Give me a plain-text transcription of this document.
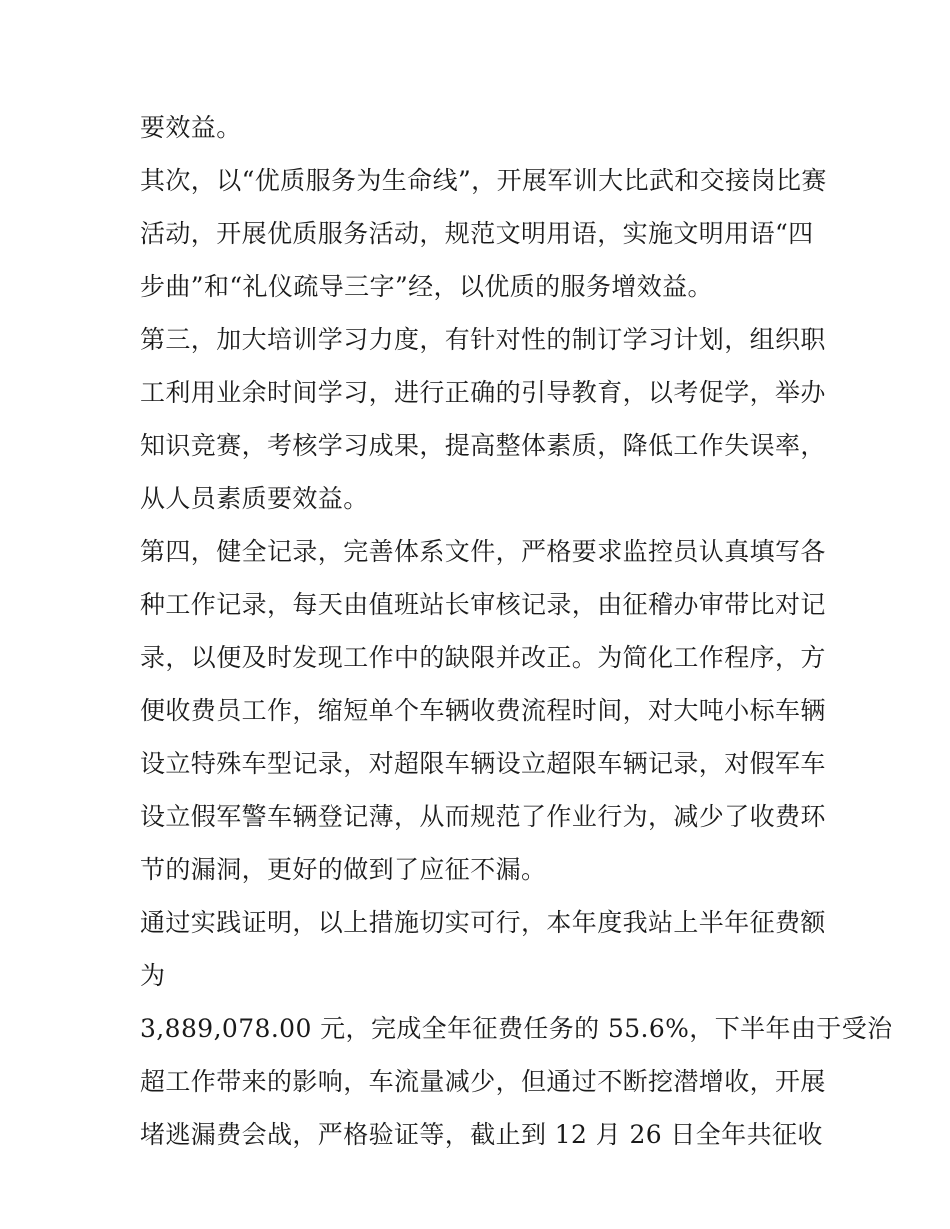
要效益。
其次，以“优质服务为生命线”，开展军训大比武和交接岗比赛
活动，开展优质服务活动，规范文明用语，实施文明用语“四
步曲”和“礼仪疏导三字”经，以优质的服务增效益。
第三，加大培训学习力度，有针对性的制订学习计划，组织职
工利用业余时间学习，进行正确的引导教育，以考促学，举办
知识竞赛，考核学习成果，提高整体素质，降低工作失误率，
从人员素质要效益。
第四，健全记录，完善体系文件，严格要求监控员认真填写各
种工作记录，每天由值班站长审核记录，由征稽办审带比对记
录，以便及时发现工作中的缺限并改正。为简化工作程序，方
便收费员工作，缩短单个车辆收费流程时间，对大吨小标车辆
设立特殊车型记录，对超限车辆设立超限车辆记录，对假军车
设立假军警车辆登记薄，从而规范了作业行为，减少了收费环
节的漏洞，更好的做到了应征不漏。
通过实践证明，以上措施切实可行，本年度我站上半年征费额
为
3,889,078.00 元，完成全年征费任务的 55.6%，下半年由于受治
超工作带来的影响，车流量减少，但通过不断挖潜增收，开展
堵逃漏费会战，严格验证等，截止到 12 月 26 日全年共征收
